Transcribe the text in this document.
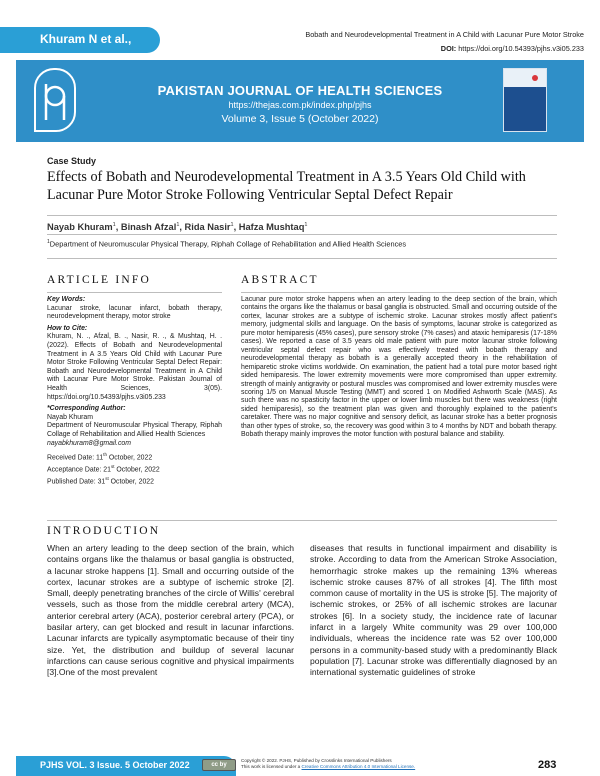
Khuram N et al.,	Bobath and Neurodevelopmental Treatment in A Child with Lacunar Pure Motor Stroke
DOI: https://doi.org/10.54393/pjhs.v3i05.233
PAKISTAN JOURNAL OF HEALTH SCIENCES
https://thejas.com.pk/index.php/pjhs
Volume 3, Issue 5 (October 2022)
Case Study
Effects of Bobath and Neurodevelopmental Treatment in A 3.5 Years Old Child with Lacunar Pure Motor Stroke Following Ventricular Septal Defect Repair
Nayab Khuram$^1$, Binash Afzal$^1$, Rida Nasir$^1$, Hafza Mushtaq$^1$
$^1$Department of Neuromuscular Physical Therapy, Riphah Collage of Rehabilitation and Allied Health Sciences
ARTICLE INFO
Key Words:
Lacunar stroke, lacunar infarct, bobath therapy, neurodevelopment therapy, motor stroke
How to Cite:
Khuram, N. ., Afzal, B. ., Nasir, R. ., & Mushtaq, H. . (2022). Effects of Bobath and Neurodevelopmental Treatment in A 3.5 Years Old Child with Lacunar Pure Motor Stroke Following Ventricular Septal Defect Repair: Bobath and Neurodevelopmental Treatment in A Child with Lacunar Pure Motor Stroke. Pakistan Journal of Health Sciences, 3(05). https://doi.org/10.54393/pjhs.v3i05.233
*Corresponding Author:
Nayab Khuram
Department of Neuromuscular Physical Therapy, Riphah Collage of Rehabilitation and Allied Health Sciences
nayabkhuram8@gmail.com
Received Date: 11th October, 2022
Acceptance Date: 21st October, 2022
Published Date: 31st October, 2022
ABSTRACT
Lacunar pure motor stroke happens when an artery leading to the deep section of the brain, which contains the organs like the thalamus or basal ganglia is obstructed. Small and occurring outside of the cortex, lacunar strokes are a subtype of ischemic stroke. Lacunar strokes mostly affect patient's memory, judgmental skills and language. On the basis of symptoms, lacunar stroke is categorized as pure motor hemiparesis (45% cases), pure sensory stroke (7% cases) and ataxic hemiparesis (17-18% cases). We reported a case of 3.5 years old male patient with pure motor lacunar stroke following ventricular septal defect repair who was effectively treated with bobath therapy and neurodevelopmental therapy as bobath is a generally accepted theory in the rehabilitation of hemiparetic stroke victims worldwide. On examination, the patient had a total pure motor based right sided hemiparesis. The lower extremity movements were more compromised than upper extremity. strength of mainly antigravity or postural muscles was compromised and lower extremity muscles were scoring 1/5 on Manual Muscle Testing (MMT) and scored 1 on Modified Ashworth Scale (MAS). As such there was no spasticity factor in the upper or lower limb muscles but there was weakness (right sided hemiparesis), so the treatment plan was given and thoroughly explained to the patient's caretaker. There was no major cognitive and sensory deficit, as lacunar stroke has a better prognosis than other types of stroke, so, the recovery was good within 3 to 4 months by NDT and bobath therapy. Bobath therapy mainly improves the motor function with postural balance and stability.
INTRODUCTION
When an artery leading to the deep section of the brain, which contains organs like the thalamus or basal ganglia is obstructed, a lacunar stroke happens [1]. Small and occurring outside of the cortex, lacunar strokes are a subtype of ischemic stroke [2]. Small, deeply penetrating branches of the circle of Willis' cerebral vessels, such as those from the middle cerebral artery (MCA), anterior cerebral artery (ACA), posterior cerebral artery (PCA), or basilar artery, can get blocked and result in lacunar infarctions. Lacunar infarcts are typically asymptomatic because of their tiny size. Yet, the distribution and buildup of several lacunar infarctions can cause serious cognitive and physical impairments [3].One of the most prevalent
diseases that results in functional impairment and disability is stroke. According to data from the American Stroke Association, hemorrhagic stroke makes up the remaining 13% whereas ischemic stroke causes 87% of all strokes [4]. The fifth most common cause of mortality in the US is stroke [5]. The majority of ischemic strokes, or 25% of all ischemic strokes are lacunar strokes [6]. In a society study, the incidence rate of lacunar infarct in a largely White community was 29 over 100,000 individuals, whereas the incidence rate was 52 over 100,000 persons in a community-based study with a predominantly Black population [7]. Lacunar stroke was differentially diagnosed by an international systematic guidelines of stroke
PJHS VOL. 3 Issue. 5 October 2022	cc by
Copyright © 2022. PJHS, Published by Crosslinks International Publishers
This work is licensed under a Creative Commons Attribution 4.0 International License.	283
